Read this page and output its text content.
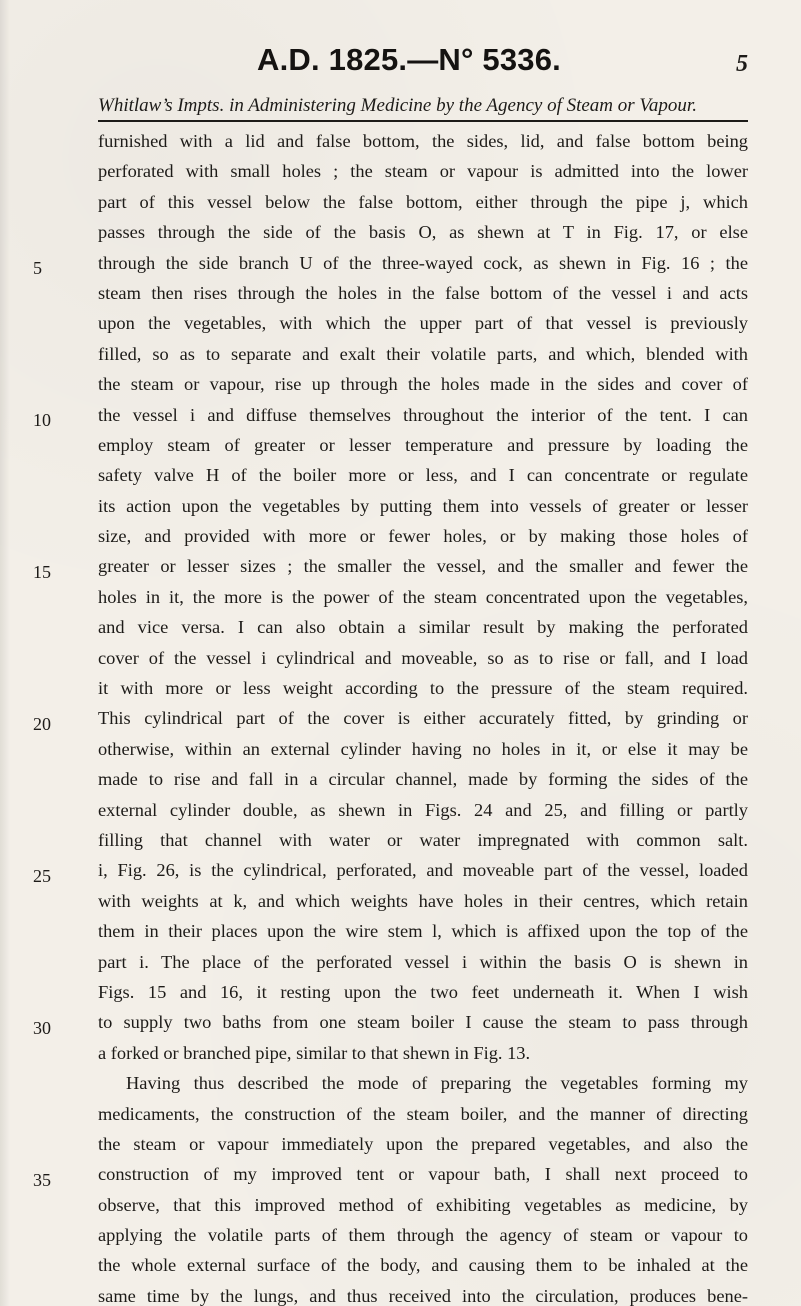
A.D. 1825.—N° 5336.	5
Whitlaw’s Impts. in Administering Medicine by the Agency of Steam or Vapour.
5
10
15
20
25
30
35
furnished with a lid and false bottom, the sides, lid, and false bottom being
perforated with small holes ; the steam or vapour is admitted into the lower
part of this vessel below the false bottom, either through the pipe j, which
passes through the side of the basis O, as shewn at T in Fig. 17, or else
through the side branch U of the three-wayed cock, as shewn in Fig. 16 ; the
steam then rises through the holes in the false bottom of the vessel i and acts
upon the vegetables, with which the upper part of that vessel is previously
filled, so as to separate and exalt their volatile parts, and which, blended with
the steam or vapour, rise up through the holes made in the sides and cover of
the vessel i and diffuse themselves throughout the interior of the tent. I can
employ steam of greater or lesser temperature and pressure by loading the
safety valve H of the boiler more or less, and I can concentrate or regulate
its action upon the vegetables by putting them into vessels of greater or lesser
size, and provided with more or fewer holes, or by making those holes of
greater or lesser sizes ; the smaller the vessel, and the smaller and fewer the
holes in it, the more is the power of the steam concentrated upon the vegetables,
and vice versa. I can also obtain a similar result by making the perforated
cover of the vessel i cylindrical and moveable, so as to rise or fall, and I load
it with more or less weight according to the pressure of the steam required.
This cylindrical part of the cover is either accurately fitted, by grinding or
otherwise, within an external cylinder having no holes in it, or else it may be
made to rise and fall in a circular channel, made by forming the sides of the
external cylinder double, as shewn in Figs. 24 and 25, and filling or partly
filling that channel with water or water impregnated with common salt.
i, Fig. 26, is the cylindrical, perforated, and moveable part of the vessel, loaded
with weights at k, and which weights have holes in their centres, which retain
them in their places upon the wire stem l, which is affixed upon the top of the
part i. The place of the perforated vessel i within the basis O is shewn in
Figs. 15 and 16, it resting upon the two feet underneath it. When I wish
to supply two baths from one steam boiler I cause the steam to pass through
a forked or branched pipe, similar to that shewn in Fig. 13.
Having thus described the mode of preparing the vegetables forming my
medicaments, the construction of the steam boiler, and the manner of directing
the steam or vapour immediately upon the prepared vegetables, and also the
construction of my improved tent or vapour bath, I shall next proceed to
observe, that this improved method of exhibiting vegetables as medicine, by
applying the volatile parts of them through the agency of steam or vapour to
the whole external surface of the body, and causing them to be inhaled at the
same time by the lungs, and thus received into the circulation, produces bene-
